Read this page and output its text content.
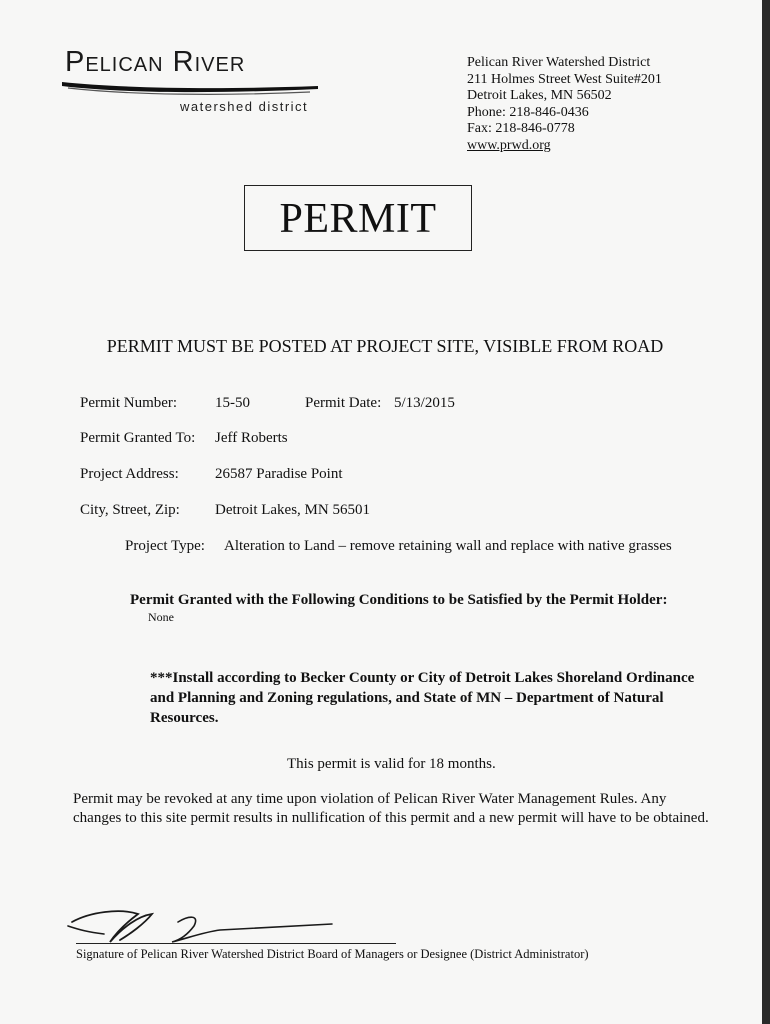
Pelican River
watershed district
Pelican River Watershed District
211 Holmes Street West Suite#201
Detroit Lakes, MN 56502
Phone: 218-846-0436
Fax: 218-846-0778
www.prwd.org
PERMIT
PERMIT MUST BE POSTED AT PROJECT SITE, VISIBLE FROM ROAD
Permit Number:	15-50	Permit Date: 5/13/2015
Permit Granted To: Jeff Roberts
Project Address: 26587 Paradise Point
City, Street, Zip: Detroit Lakes, MN 56501
Project Type: Alteration to Land – remove retaining wall and replace with native grasses
Permit Granted with the Following Conditions to be Satisfied by the Permit Holder:
None
***Install according to Becker County or City of Detroit Lakes Shoreland Ordinance and Planning and Zoning regulations, and State of MN – Department of Natural Resources.
This permit is valid for 18 months.
Permit may be revoked at any time upon violation of Pelican River Water Management Rules. Any changes to this site permit results in nullification of this permit and a new permit will have to be obtained.
Signature of Pelican River Watershed District Board of Managers or Designee (District Administrator)
